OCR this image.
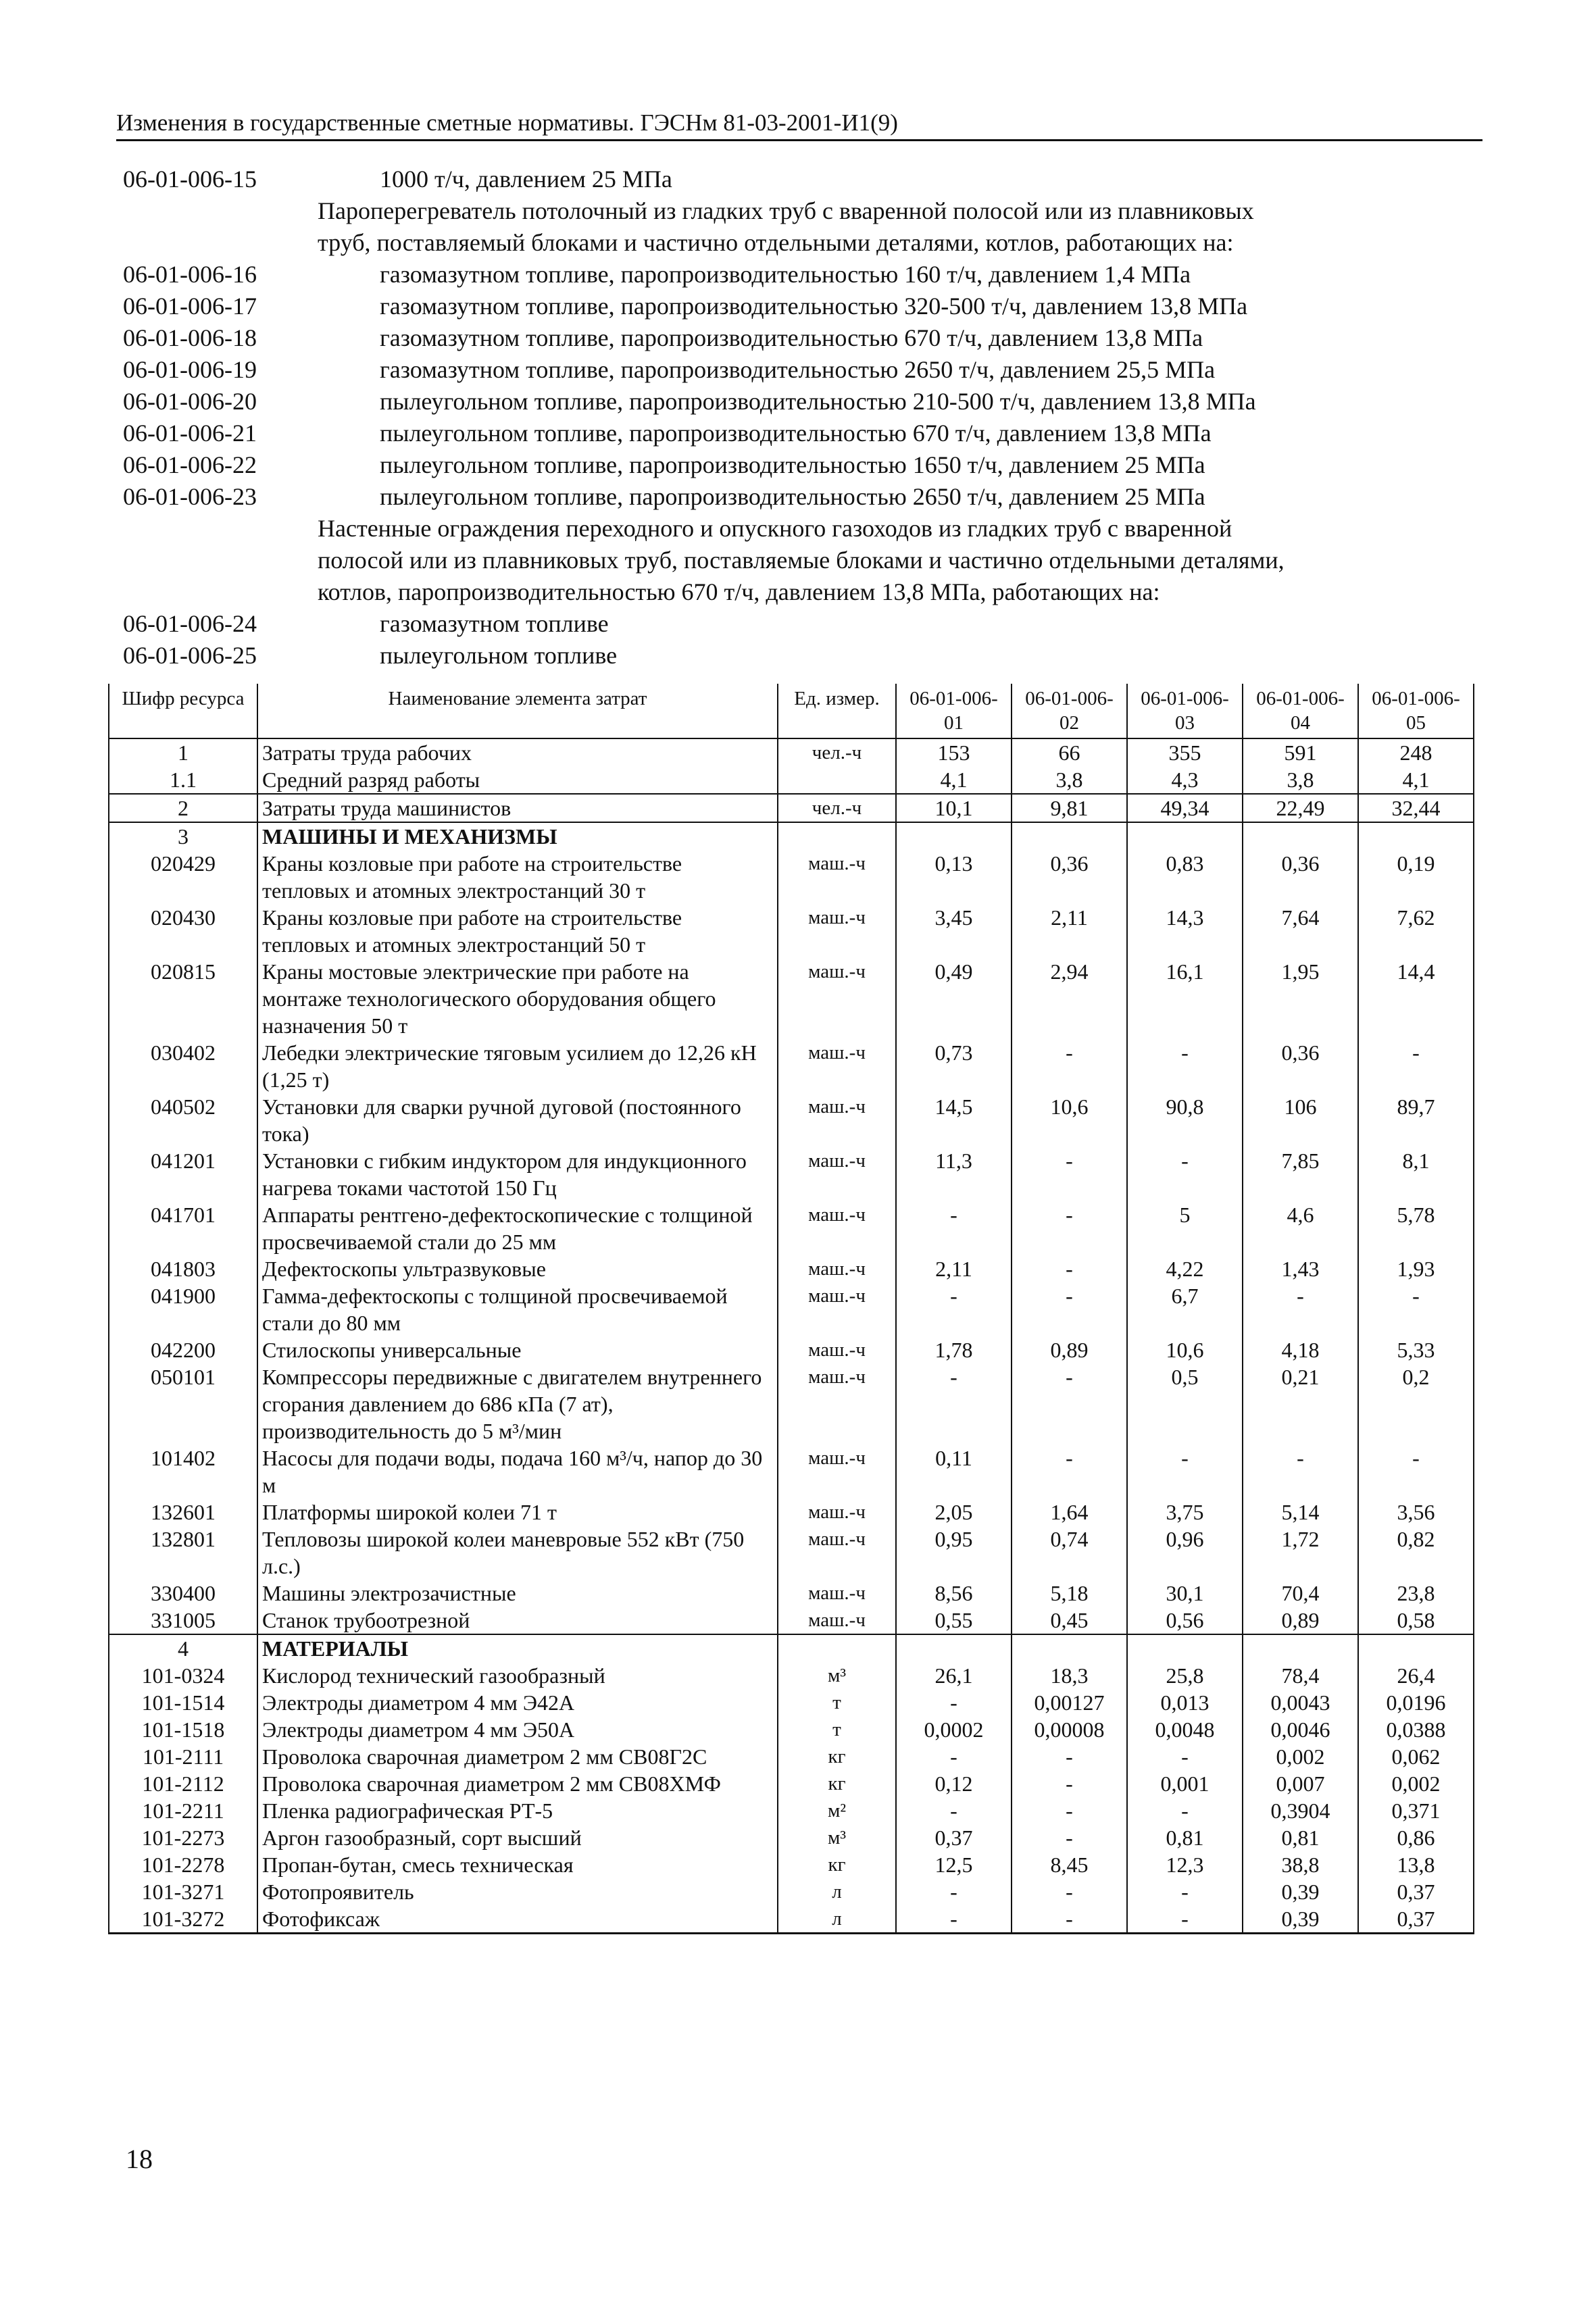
Изменения в государственные сметные нормативы. ГЭСНм 81-03-2001-И1(9)
06-01-006-15	1000 т/ч, давлением 25 МПа
Пароперегреватель потолочный из гладких труб с вваренной полосой или из плавниковых
труб, поставляемый блоками и частично отдельными деталями, котлов, работающих на:
06-01-006-16	газомазутном топливе, паропроизводительностью 160 т/ч, давлением 1,4 МПа
06-01-006-17	газомазутном топливе, паропроизводительностью 320-500 т/ч, давлением 13,8 МПа
06-01-006-18	газомазутном топливе, паропроизводительностью 670 т/ч, давлением 13,8 МПа
06-01-006-19	газомазутном топливе, паропроизводительностью 2650 т/ч, давлением 25,5 МПа
06-01-006-20	пылеугольном топливе, паропроизводительностью 210-500 т/ч, давлением 13,8 МПа
06-01-006-21	пылеугольном топливе, паропроизводительностью 670 т/ч, давлением 13,8 МПа
06-01-006-22	пылеугольном топливе, паропроизводительностью 1650 т/ч, давлением 25 МПа
06-01-006-23	пылеугольном топливе, паропроизводительностью 2650 т/ч, давлением 25 МПа
Настенные ограждения переходного и опускного газоходов из гладких труб с вваренной
полосой или из плавниковых труб, поставляемые блоками и частично отдельными деталями,
котлов, паропроизводительностью 670 т/ч, давлением 13,8 МПа, работающих на:
06-01-006-24	газомазутном топливе
06-01-006-25	пылеугольном топливе
Шифр ресурса	Наименование элемента затрат	Ед. измер.	06-01-006-01	06-01-006-02	06-01-006-03	06-01-006-04	06-01-006-05
1	Затраты труда рабочих	чел.-ч	153	66	355	591	248
1.1	Средний разряд работы		4,1	3,8	4,3	3,8	4,1
2	Затраты труда машинистов	чел.-ч	10,1	9,81	49,34	22,49	32,44
3	МАШИНЫ И МЕХАНИЗМЫ						
020429	Краны козловые при работе на строительстве тепловых и атомных электростанций 30 т	маш.-ч	0,13	0,36	0,83	0,36	0,19
020430	Краны козловые при работе на строительстве тепловых и атомных электростанций 50 т	маш.-ч	3,45	2,11	14,3	7,64	7,62
020815	Краны мостовые электрические при работе на монтаже технологического оборудования общего назначения 50 т	маш.-ч	0,49	2,94	16,1	1,95	14,4
030402	Лебедки электрические тяговым усилием до 12,26 кН (1,25 т)	маш.-ч	0,73	-	-	0,36	-
040502	Установки для сварки ручной дуговой (постоянного тока)	маш.-ч	14,5	10,6	90,8	106	89,7
041201	Установки с гибким индуктором для индукционного нагрева токами частотой 150 Гц	маш.-ч	11,3	-	-	7,85	8,1
041701	Аппараты рентгено-дефектоскопические с толщиной просвечиваемой стали до 25 мм	маш.-ч	-	-	5	4,6	5,78
041803	Дефектоскопы ультразвуковые	маш.-ч	2,11	-	4,22	1,43	1,93
041900	Гамма-дефектоскопы с толщиной просвечиваемой стали до 80 мм	маш.-ч	-	-	6,7	-	-
042200	Стилоскопы универсальные	маш.-ч	1,78	0,89	10,6	4,18	5,33
050101	Компрессоры передвижные с двигателем внутреннего сгорания давлением до 686 кПа (7 ат), производительность до 5 м³/мин	маш.-ч	-	-	0,5	0,21	0,2
101402	Насосы для подачи воды, подача 160 м³/ч, напор до 30 м	маш.-ч	0,11	-	-	-	-
132601	Платформы широкой колеи 71 т	маш.-ч	2,05	1,64	3,75	5,14	3,56
132801	Тепловозы широкой колеи маневровые 552 кВт (750 л.с.)	маш.-ч	0,95	0,74	0,96	1,72	0,82
330400	Машины электрозачистные	маш.-ч	8,56	5,18	30,1	70,4	23,8
331005	Станок трубоотрезной	маш.-ч	0,55	0,45	0,56	0,89	0,58
4	МАТЕРИАЛЫ						
101-0324	Кислород технический газообразный	м³	26,1	18,3	25,8	78,4	26,4
101-1514	Электроды диаметром 4 мм Э42А	т	-	0,00127	0,013	0,0043	0,0196
101-1518	Электроды диаметром 4 мм Э50А	т	0,0002	0,00008	0,0048	0,0046	0,0388
101-2111	Проволока сварочная диаметром 2 мм СВ08Г2С	кг	-	-	-	0,002	0,062
101-2112	Проволока сварочная диаметром 2 мм СВ08ХМФ	кг	0,12	-	0,001	0,007	0,002
101-2211	Пленка радиографическая РТ-5	м²	-	-	-	0,3904	0,371
101-2273	Аргон газообразный, сорт высший	м³	0,37	-	0,81	0,81	0,86
101-2278	Пропан-бутан, смесь техническая	кг	12,5	8,45	12,3	38,8	13,8
101-3271	Фотопроявитель	л	-	-	-	0,39	0,37
101-3272	Фотофиксаж	л	-	-	-	0,39	0,37
18
